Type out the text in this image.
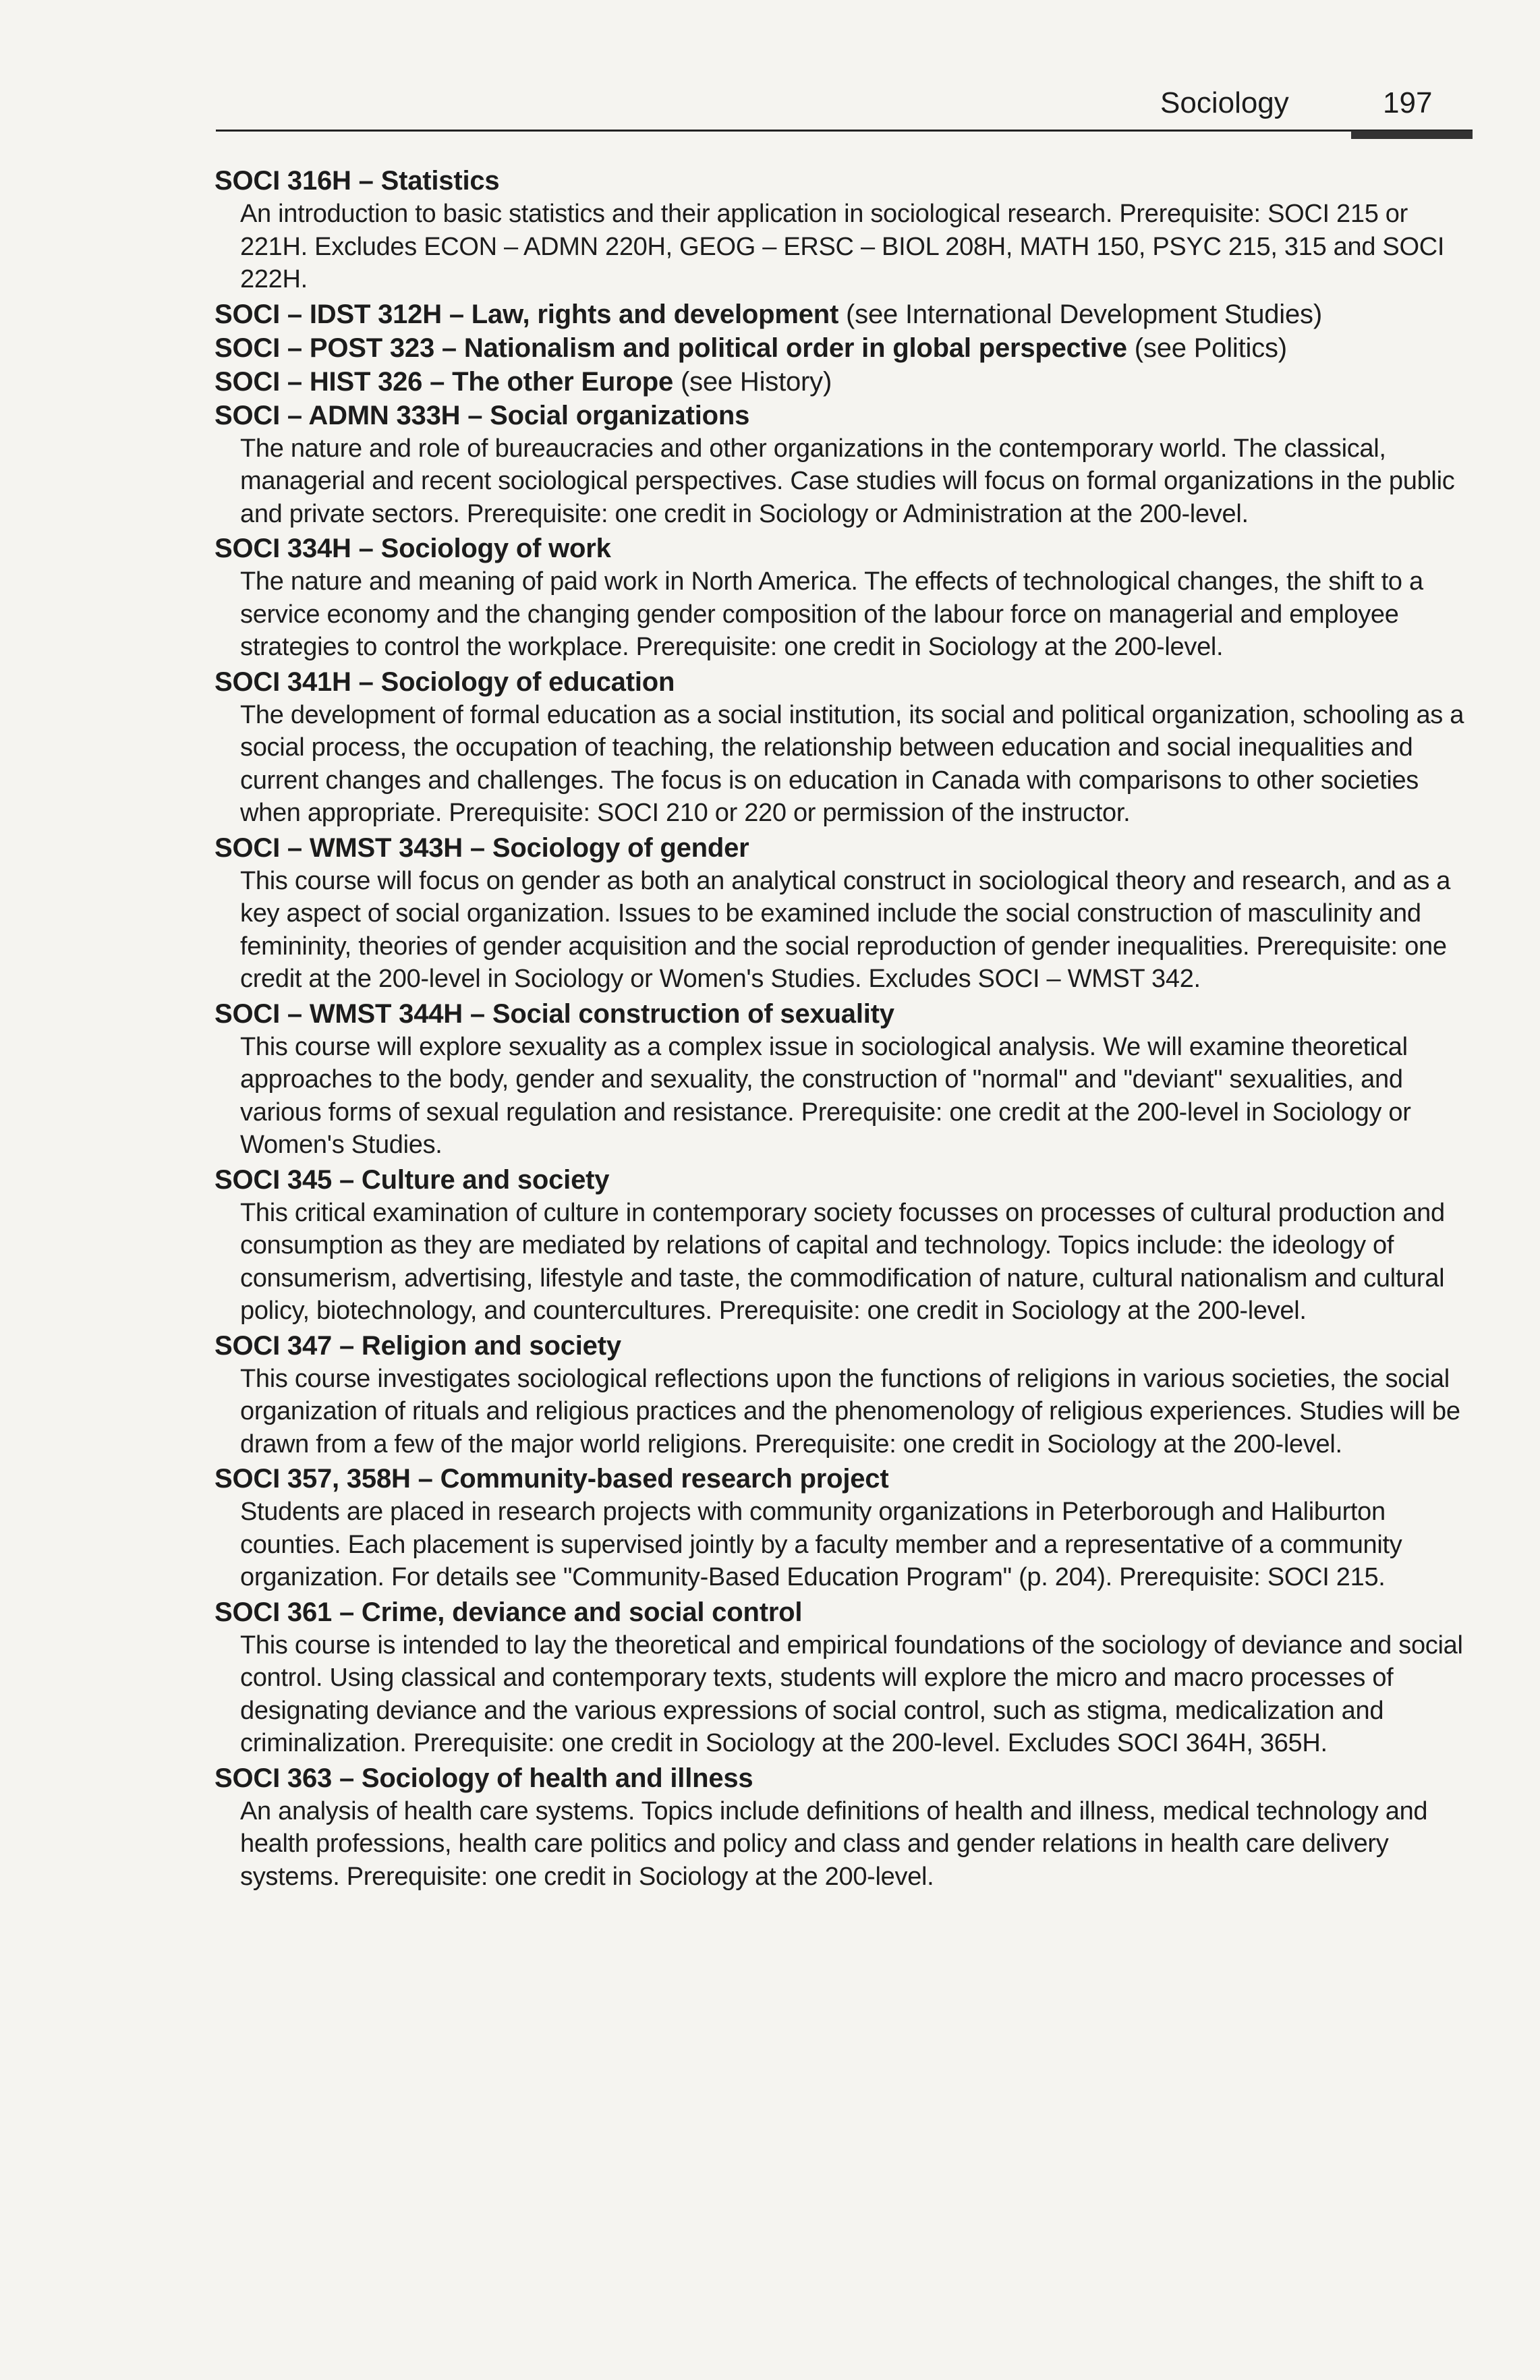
Sociology	197

SOCI 316H – Statistics

An introduction to basic statistics and their application in sociological research. Prerequisite: SOCI 215 or 221H. Excludes ECON – ADMN 220H, GEOG – ERSC – BIOL 208H, MATH 150, PSYC 215, 315 and SOCI 222H.

SOCI – IDST 312H – Law, rights and development (see International Development Studies)

SOCI – POST 323 – Nationalism and political order in global perspective (see Politics)

SOCI – HIST 326 – The other Europe (see History)

SOCI – ADMN 333H – Social organizations

The nature and role of bureaucracies and other organizations in the contemporary world. The classical, managerial and recent sociological perspectives. Case studies will focus on formal organizations in the public and private sectors. Prerequisite: one credit in Sociology or Administration at the 200-level.

SOCI 334H – Sociology of work

The nature and meaning of paid work in North America. The effects of technological changes, the shift to a service economy and the changing gender composition of the labour force on managerial and employee strategies to control the workplace. Prerequisite: one credit in Sociology at the 200-level.

SOCI 341H – Sociology of education

The development of formal education as a social institution, its social and political organization, schooling as a social process, the occupation of teaching, the relationship between education and social inequalities and current changes and challenges. The focus is on education in Canada with comparisons to other societies when appropriate. Prerequisite: SOCI 210 or 220 or permission of the instructor.

SOCI – WMST 343H – Sociology of gender

This course will focus on gender as both an analytical construct in sociological theory and research, and as a key aspect of social organization. Issues to be examined include the social construction of masculinity and femininity, theories of gender acquisition and the social reproduction of gender inequalities. Prerequisite: one credit at the 200-level in Sociology or Women's Studies. Excludes SOCI – WMST 342.

SOCI – WMST 344H – Social construction of sexuality

This course will explore sexuality as a complex issue in sociological analysis. We will examine theoretical approaches to the body, gender and sexuality, the construction of "normal" and "deviant" sexualities, and various forms of sexual regulation and resistance. Prerequisite: one credit at the 200-level in Sociology or Women's Studies.

SOCI 345 – Culture and society

This critical examination of culture in contemporary society focusses on processes of cultural production and consumption as they are mediated by relations of capital and technology. Topics include: the ideology of consumerism, advertising, lifestyle and taste, the commodification of nature, cultural nationalism and cultural policy, biotechnology, and countercultures. Prerequisite: one credit in Sociology at the 200-level.

SOCI 347 – Religion and society

This course investigates sociological reflections upon the functions of religions in various societies, the social organization of rituals and religious practices and the phenomenology of religious experiences. Studies will be drawn from a few of the major world religions. Prerequisite: one credit in Sociology at the 200-level.

SOCI 357, 358H – Community-based research project

Students are placed in research projects with community organizations in Peterborough and Haliburton counties. Each placement is supervised jointly by a faculty member and a representative of a community organization. For details see "Community-Based Education Program" (p. 204). Prerequisite: SOCI 215.

SOCI 361 – Crime, deviance and social control

This course is intended to lay the theoretical and empirical foundations of the sociology of deviance and social control. Using classical and contemporary texts, students will explore the micro and macro processes of designating deviance and the various expressions of social control, such as stigma, medicalization and criminalization. Prerequisite: one credit in Sociology at the 200-level. Excludes SOCI 364H, 365H.

SOCI 363 – Sociology of health and illness

An analysis of health care systems. Topics include definitions of health and illness, medical technology and health professions, health care politics and policy and class and gender relations in health care delivery systems. Prerequisite: one credit in Sociology at the 200-level.
